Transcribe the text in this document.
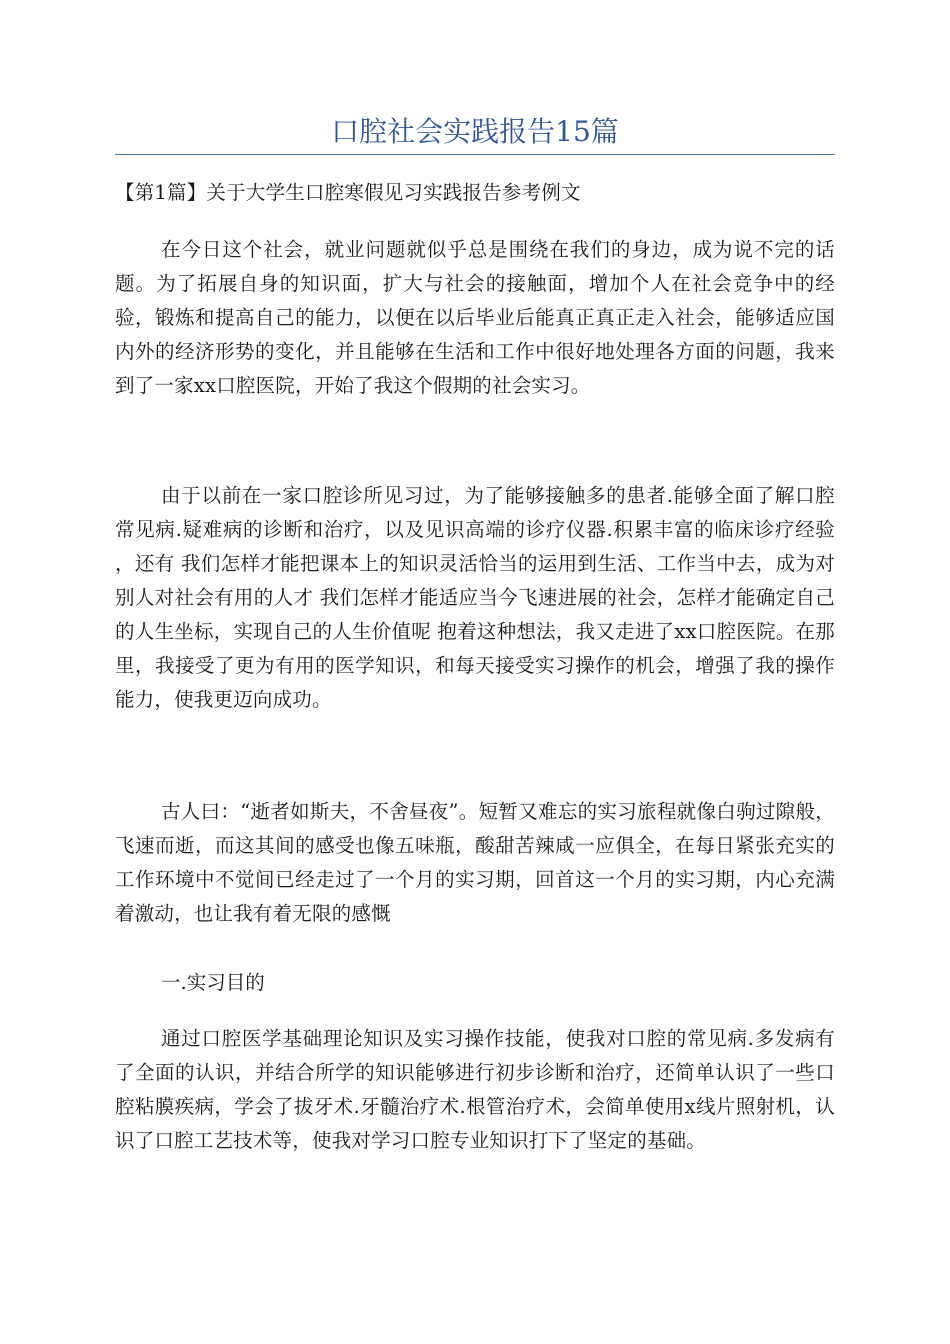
口腔社会实践报告15篇

【第1篇】关于大学生口腔寒假见习实践报告参考例文

在今日这个社会，就业问题就似乎总是围绕在我们的身边，成为说不完的话题。为了拓展自身的知识面，扩大与社会的接触面，增加个人在社会竞争中的经验，锻炼和提高自己的能力，以便在以后毕业后能真正真正走入社会，能够适应国内外的经济形势的变化，并且能够在生活和工作中很好地处理各方面的问题，我来到了一家xx口腔医院，开始了我这个假期的社会实习。

由于以前在一家口腔诊所见习过，为了能够接触多的患者.能够全面了解口腔常见病.疑难病的诊断和治疗，以及见识高端的诊疗仪器.积累丰富的临床诊疗经验 ，还有 我们怎样才能把课本上的知识灵活恰当的运用到生活、工作当中去，成为对别人对社会有用的人才 我们怎样才能适应当今飞速进展的社会，怎样才能确定自己的人生坐标，实现自己的人生价值呢 抱着这种想法，我又走进了xx口腔医院。在那里，我接受了更为有用的医学知识，和每天接受实习操作的机会，增强了我的操作能力，使我更迈向成功。

古人曰：“逝者如斯夫，不舍昼夜”。短暂又难忘的实习旅程就像白驹过隙般，飞速而逝，而这其间的感受也像五味瓶，酸甜苦辣咸一应俱全，在每日紧张充实的工作环境中不觉间已经走过了一个月的实习期，回首这一个月的实习期，内心充满着激动，也让我有着无限的感慨

一.实习目的

通过口腔医学基础理论知识及实习操作技能，使我对口腔的常见病.多发病有了全面的认识，并结合所学的知识能够进行初步诊断和治疗，还简单认识了一些口腔粘膜疾病，学会了拔牙术.牙髓治疗术.根管治疗术，会简单使用x线片照射机，认识了口腔工艺技术等，使我对学习口腔专业知识打下了坚定的基础。
